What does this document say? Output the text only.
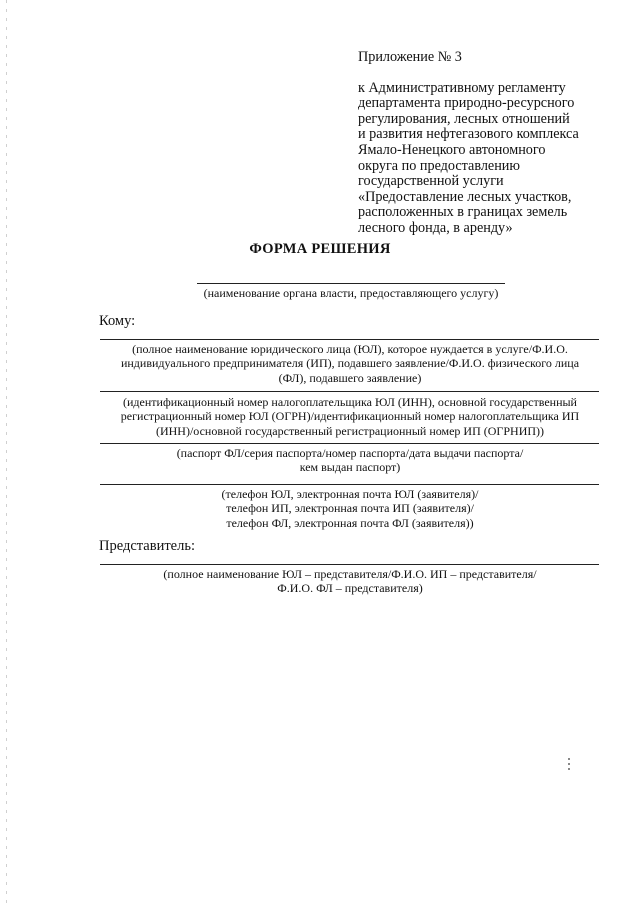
Приложение № 3
к Административному регламенту
департамента природно-ресурсного
регулирования, лесных отношений
и развития нефтегазового комплекса
Ямало-Ненецкого автономного
округа по предоставлению
государственной услуги
«Предоставление лесных участков,
расположенных в границах земель
лесного фонда, в аренду»
ФОРМА РЕШЕНИЯ
(наименование органа власти, предоставляющего услугу)
Кому:
(полное наименование юридического лица (ЮЛ), которое нуждается в услуге/Ф.И.О.
индивидуального предпринимателя (ИП), подавшего заявление/Ф.И.О. физического лица
(ФЛ), подавшего заявление)
(идентификационный номер налогоплательщика ЮЛ (ИНН), основной государственный
регистрационный номер ЮЛ (ОГРН)/идентификационный номер налогоплательщика ИП
(ИНН)/основной государственный регистрационный номер ИП (ОГРНИП))
(паспорт ФЛ/серия паспорта/номер паспорта/дата выдачи паспорта/
кем выдан паспорт)
(телефон ЮЛ, электронная почта ЮЛ (заявителя)/
телефон ИП, электронная почта ИП (заявителя)/
телефон ФЛ, электронная почта ФЛ (заявителя))
Представитель:
(полное наименование ЮЛ – представителя/Ф.И.О. ИП – представителя/
Ф.И.О. ФЛ – представителя)
